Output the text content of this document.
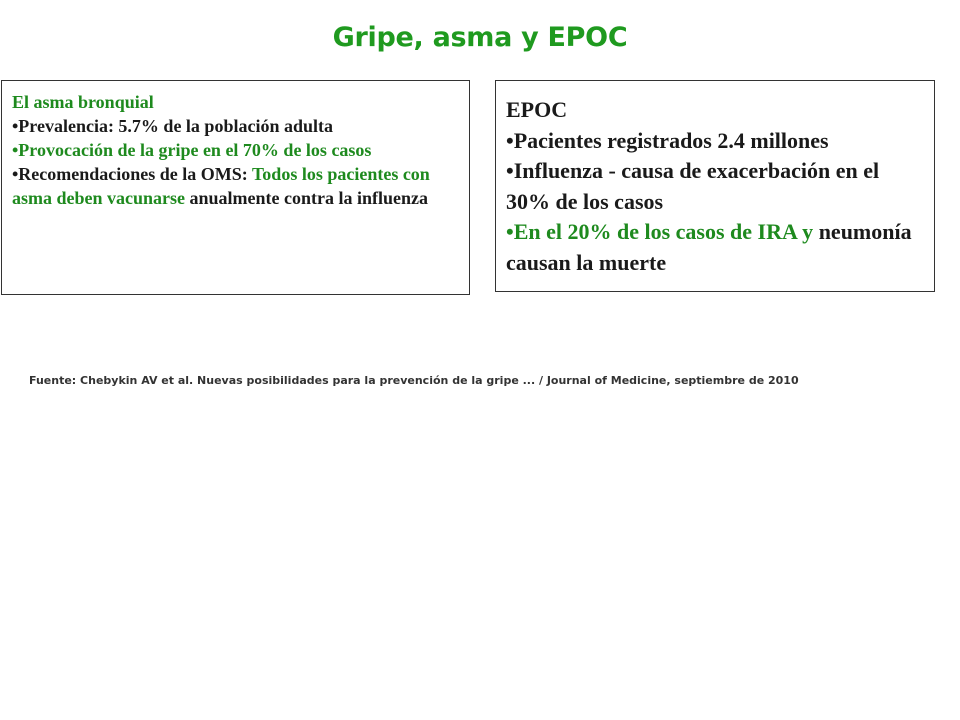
Gripe, asma y EPOC
El asma bronquial
•Prevalencia: 5.7% de la población adulta
•Provocación de la gripe en el 70% de los casos
•Recomendaciones de la OMS: Todos los pacientes con asma deben vacunarse anualmente contra la influenza
EPOC
•Pacientes registrados 2.4 millones
•Influenza - causa de exacerbación en el 30% de los casos
•En el 20% de los casos de IRA y neumonía causan la muerte
Fuente: Chebykin AV et al. Nuevas posibilidades para la prevención de la gripe ... / Journal of Medicine, septiembre de 2010
